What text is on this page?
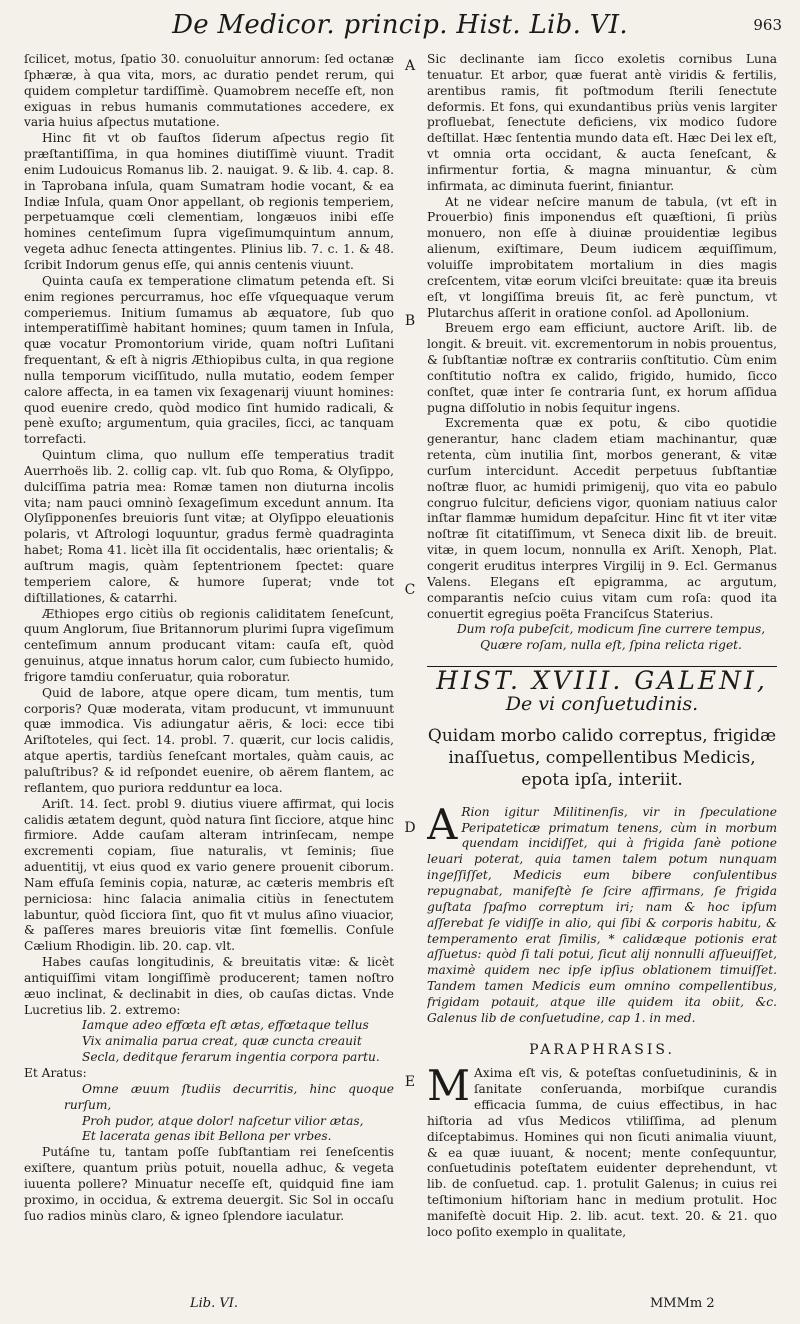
De Medicor. princip. Hist. Lib. VI.	963
A
B
C
D
E

ſcilicet, motus, ſpatio 30. conuoluitur annorum: ſed octanæ ſphæræ, à qua vita, mors, ac duratio pendet rerum, qui quidem completur tardiſſimè. Quamobrem neceſſe eſt, non exiguas in rebus humanis commutationes accedere, ex varia huius aſpectus mutatione.

Hinc fit vt ob fauſtos ſiderum aſpectus regio ſit præſtantiſſima, in qua homines diutiſſimè viuunt. Tradit enim Ludouicus Romanus lib. 2. nauigat. 9. & lib. 4. cap. 8. in Taprobana inſula, quam Sumatram hodie vocant, & ea Indiæ Inſula, quam Onor appellant, ob regionis temperiem, perpetuamque cœli clementiam, longæuos inibi eſſe homines centeſimum ſupra vigeſimumquintum annum, vegeta adhuc ſenecta attingentes. Plinius lib. 7. c. 1. & 48. ſcribit Indorum genus eſſe, qui annis centenis viuunt.

Quinta cauſa ex temperatione climatum petenda eſt. Si enim regiones percurramus, hoc eſſe vſquequaque verum comperiemus. Initium ſumamus ab æquatore, ſub quo intemperatiſſimè habitant homines; quum tamen in Inſula, quæ vocatur Promontorium viride, quam noſtri Luſitani frequentant, & eſt à nigris Æthiopibus culta, in qua regione nulla temporum viciſſitudo, nulla mutatio, eodem ſemper calore affecta, in ea tamen vix ſexagenarij viuunt homines: quod euenire credo, quòd modico ſint humido radicali, & penè exuſto; argumentum, quia graciles, ſicci, ac tanquam torrefacti.

Quintum clima, quo nullum eſſe temperatius tradit Auerrhoës lib. 2. collig cap. vlt. ſub quo Roma, & Olyſippo, dulciſſima patria mea: Romæ tamen non diuturna incolis vita; nam pauci omninò ſexageſimum excedunt annum. Ita Olyſipponenſes breuioris ſunt vitæ; at Olyſippo eleuationis polaris, vt Aſtrologi loquuntur, gradus fermè quadraginta habet; Roma 41. licèt illa ſit occidentalis, hæc orientalis; & auſtrum magis, quàm ſeptentrionem ſpectet: quare temperiem calore, & humore ſuperat; vnde tot diſtillationes, & catarrhi.

Æthiopes ergo citiùs ob regionis caliditatem ſeneſcunt, quum Anglorum, ſiue Britannorum plurimi ſupra vigeſimum centeſimum annum producant vitam: cauſa eſt, quòd genuinus, atque innatus horum calor, cum ſubiecto humido, frigore tamdiu conſeruatur, quia roboratur.

Quid de labore, atque opere dicam, tum mentis, tum corporis? Quæ moderata, vitam producunt, vt immunuunt quæ immodica. Vis adiungatur aëris, & loci: ecce tibi Ariſtoteles, qui ſect. 14. probl. 7. quærit, cur locis calidis, atque apertis, tardiùs ſeneſcant mortales, quàm cauis, ac paluſtribus? & id reſpondet euenire, ob aërem flantem, ac reflantem, quo puriora redduntur ea loca.

Ariſt. 14. ſect. probl 9. diutius viuere affirmat, qui locis calidis ætatem degunt, quòd natura ſint ſicciore, atque hinc firmiore. Adde cauſam alteram intrinſecam, nempe excrementi copiam, ſiue naturalis, vt ſeminis; ſiue aduentitij, vt eius quod ex vario genere prouenit ciborum. Nam effuſa ſeminis copia, naturæ, ac cæteris membris eſt perniciosa: hinc ſalacia animalia citiùs in ſenectutem labuntur, quòd ſicciora ſint, quo fit vt mulus aſino viuacior, & paſſeres mares breuioris vitæ ſint fœmellis. Conſule Cælium Rhodigin. lib. 20. cap. vlt.

Habes cauſas longitudinis, & breuitatis vitæ: & licèt antiquiſſimi vitam longiſſimè producerent; tamen noſtro æuo inclinat, & declinabit in dies, ob cauſas dictas. Vnde Lucretius lib. 2. extremo:

Iamque adeo effœta eſt ætas, effœtaque tellus

Vix animalia parua creat, quæ cuncta creauit

Secla, deditque ferarum ingentia corpora partu.

Et Aratus:

Omne æuum ſtudiis decurritis, hinc quoque rurſum,

Proh pudor, atque dolor! naſcetur vilior ætas,

Et lacerata genas ibit Bellona per vrbes.

Putáſne tu, tantam poſſe ſubſtantiam rei ſeneſcentis exiſtere, quantum priùs potuit, nouella adhuc, & vegeta iuuenta pollere? Minuatur neceſſe eſt, quidquid fine iam proximo, in occidua, & extrema deuergit. Sic Sol in occaſu ſuo radios minùs claro, & igneo ſplendore iaculatur.

Sic declinante iam ſicco exoletis cornibus Luna tenuatur. Et arbor, quæ fuerat antè viridis & fertilis, arentibus ramis, fit poſtmodum ſterili ſenectute deformis. Et fons, qui exundantibus priùs venis largiter profluebat, ſenectute deficiens, vix modico ſudore deſtillat. Hæc ſententia mundo data eſt. Hæc Dei lex eſt, vt omnia orta occidant, & aucta ſeneſcant, & infirmentur fortia, & magna minuantur, & cùm infirmata, ac diminuta fuerint, finiantur.

At ne videar neſcire manum de tabula, (vt eſt in Prouerbio) finis imponendus eſt quæſtioni, ſi priùs monuero, non eſſe à diuinæ prouidentiæ legibus alienum, exiſtimare, Deum iudicem æquiſſimum, voluiſſe improbitatem mortalium in dies magis creſcentem, vitæ eorum vlciſci breuitate: quæ ita breuis eſt, vt longiſſima breuis ſit, ac ferè punctum, vt Plutarchus aſſerit in oratione conſol. ad Apollonium.

Breuem ergo eam efficiunt, auctore Ariſt. lib. de longit. & breuit. vit. excrementorum in nobis prouentus, & ſubſtantiæ noſtræ ex contrariis conſtitutio. Cùm enim conſtitutio noſtra ex calido, frigido, humido, ſicco conſtet, quæ inter ſe contraria ſunt, ex horum aſſidua pugna diſſolutio in nobis ſequitur ingens.

Excrementa quæ ex potu, & cibo quotidie generantur, hanc cladem etiam machinantur, quæ retenta, cùm inutilia ſint, morbos generant, & vitæ curſum intercidunt. Accedit perpetuus ſubſtantiæ noſtræ fluor, ac humidi primigenij, quo vita eo pabulo congruo fulcitur, deficiens vigor, quoniam natiuus calor inſtar flammæ humidum depaſcitur. Hinc fit vt iter vitæ noſtræ ſit citatiſſimum, vt Seneca dixit lib. de breuit. vitæ, in quem locum, nonnulla ex Ariſt. Xenoph, Plat. congerit eruditus interpres Virgilij in 9. Ecl. Germanus Valens. Elegans eſt epigramma, ac argutum, comparantis neſcio cuius vitam cum roſa: quod ita conuertit egregius poëta Franciſcus Staterius.

Dum roſa pubeſcit, modicum ſine currere tempus,

Quære roſam, nulla eſt, ſpina relicta riget.

HIST. XVIII. GALENI,
De vi conſuetudinis.
Quidam morbo calido correptus, frigidæ inaſſuetus, compellentibus Medicis, epota ipſa, interiit.

A Rion igitur Militinenſis, vir in ſpeculatione Peripateticæ primatum tenens, cùm in morbum quendam incidiſſet, qui à frigida ſanè potione leuari poterat, quia tamen talem potum nunquam ingeſſiſſet, Medicis eum bibere conſulentibus repugnabat, manifeſtè ſe ſcire affirmans, ſe frigida guſtata ſpaſmo correptum iri; nam & hoc ipſum aſſerebat ſe vidiſſe in alio, qui ſibi & corporis habitu, & temperamento erat ſimilis, * calidæque potionis erat aſſuetus: quòd ſi tali potui, ſicut alij nonnulli aſſueuiſſet, maximè quidem nec ipſe ipſius oblationem timuiſſet. Tandem tamen Medicis eum omnino compellentibus, frigidam potauit, atque ille quidem ita obiit, &c. Galenus lib de conſuetudine, cap 1. in med.

PARAPHRASIS.

M Axima eſt vis, & poteſtas conſuetudininis, & in ſanitate conſeruanda, morbiſque curandis efficacia ſumma, de cuius effectibus, in hac hiſtoria ad vſus Medicos vtiliſſima, ad plenum diſceptabimus. Homines qui non ſicuti animalia viuunt, & ea quæ iuuant, & nocent; mente conſequuntur, conſuetudinis poteſtatem euidenter deprehendunt, vt lib. de conſuetud. cap. 1. protulit Galenus; in cuius rei teſtimonium hiſtoriam hanc in medium protulit. Hoc manifeſtè docuit Hip. 2. lib. acut. text. 20. & 21. quo loco poſito exemplo in qualitate,

Lib. VI.	MMMm 2
